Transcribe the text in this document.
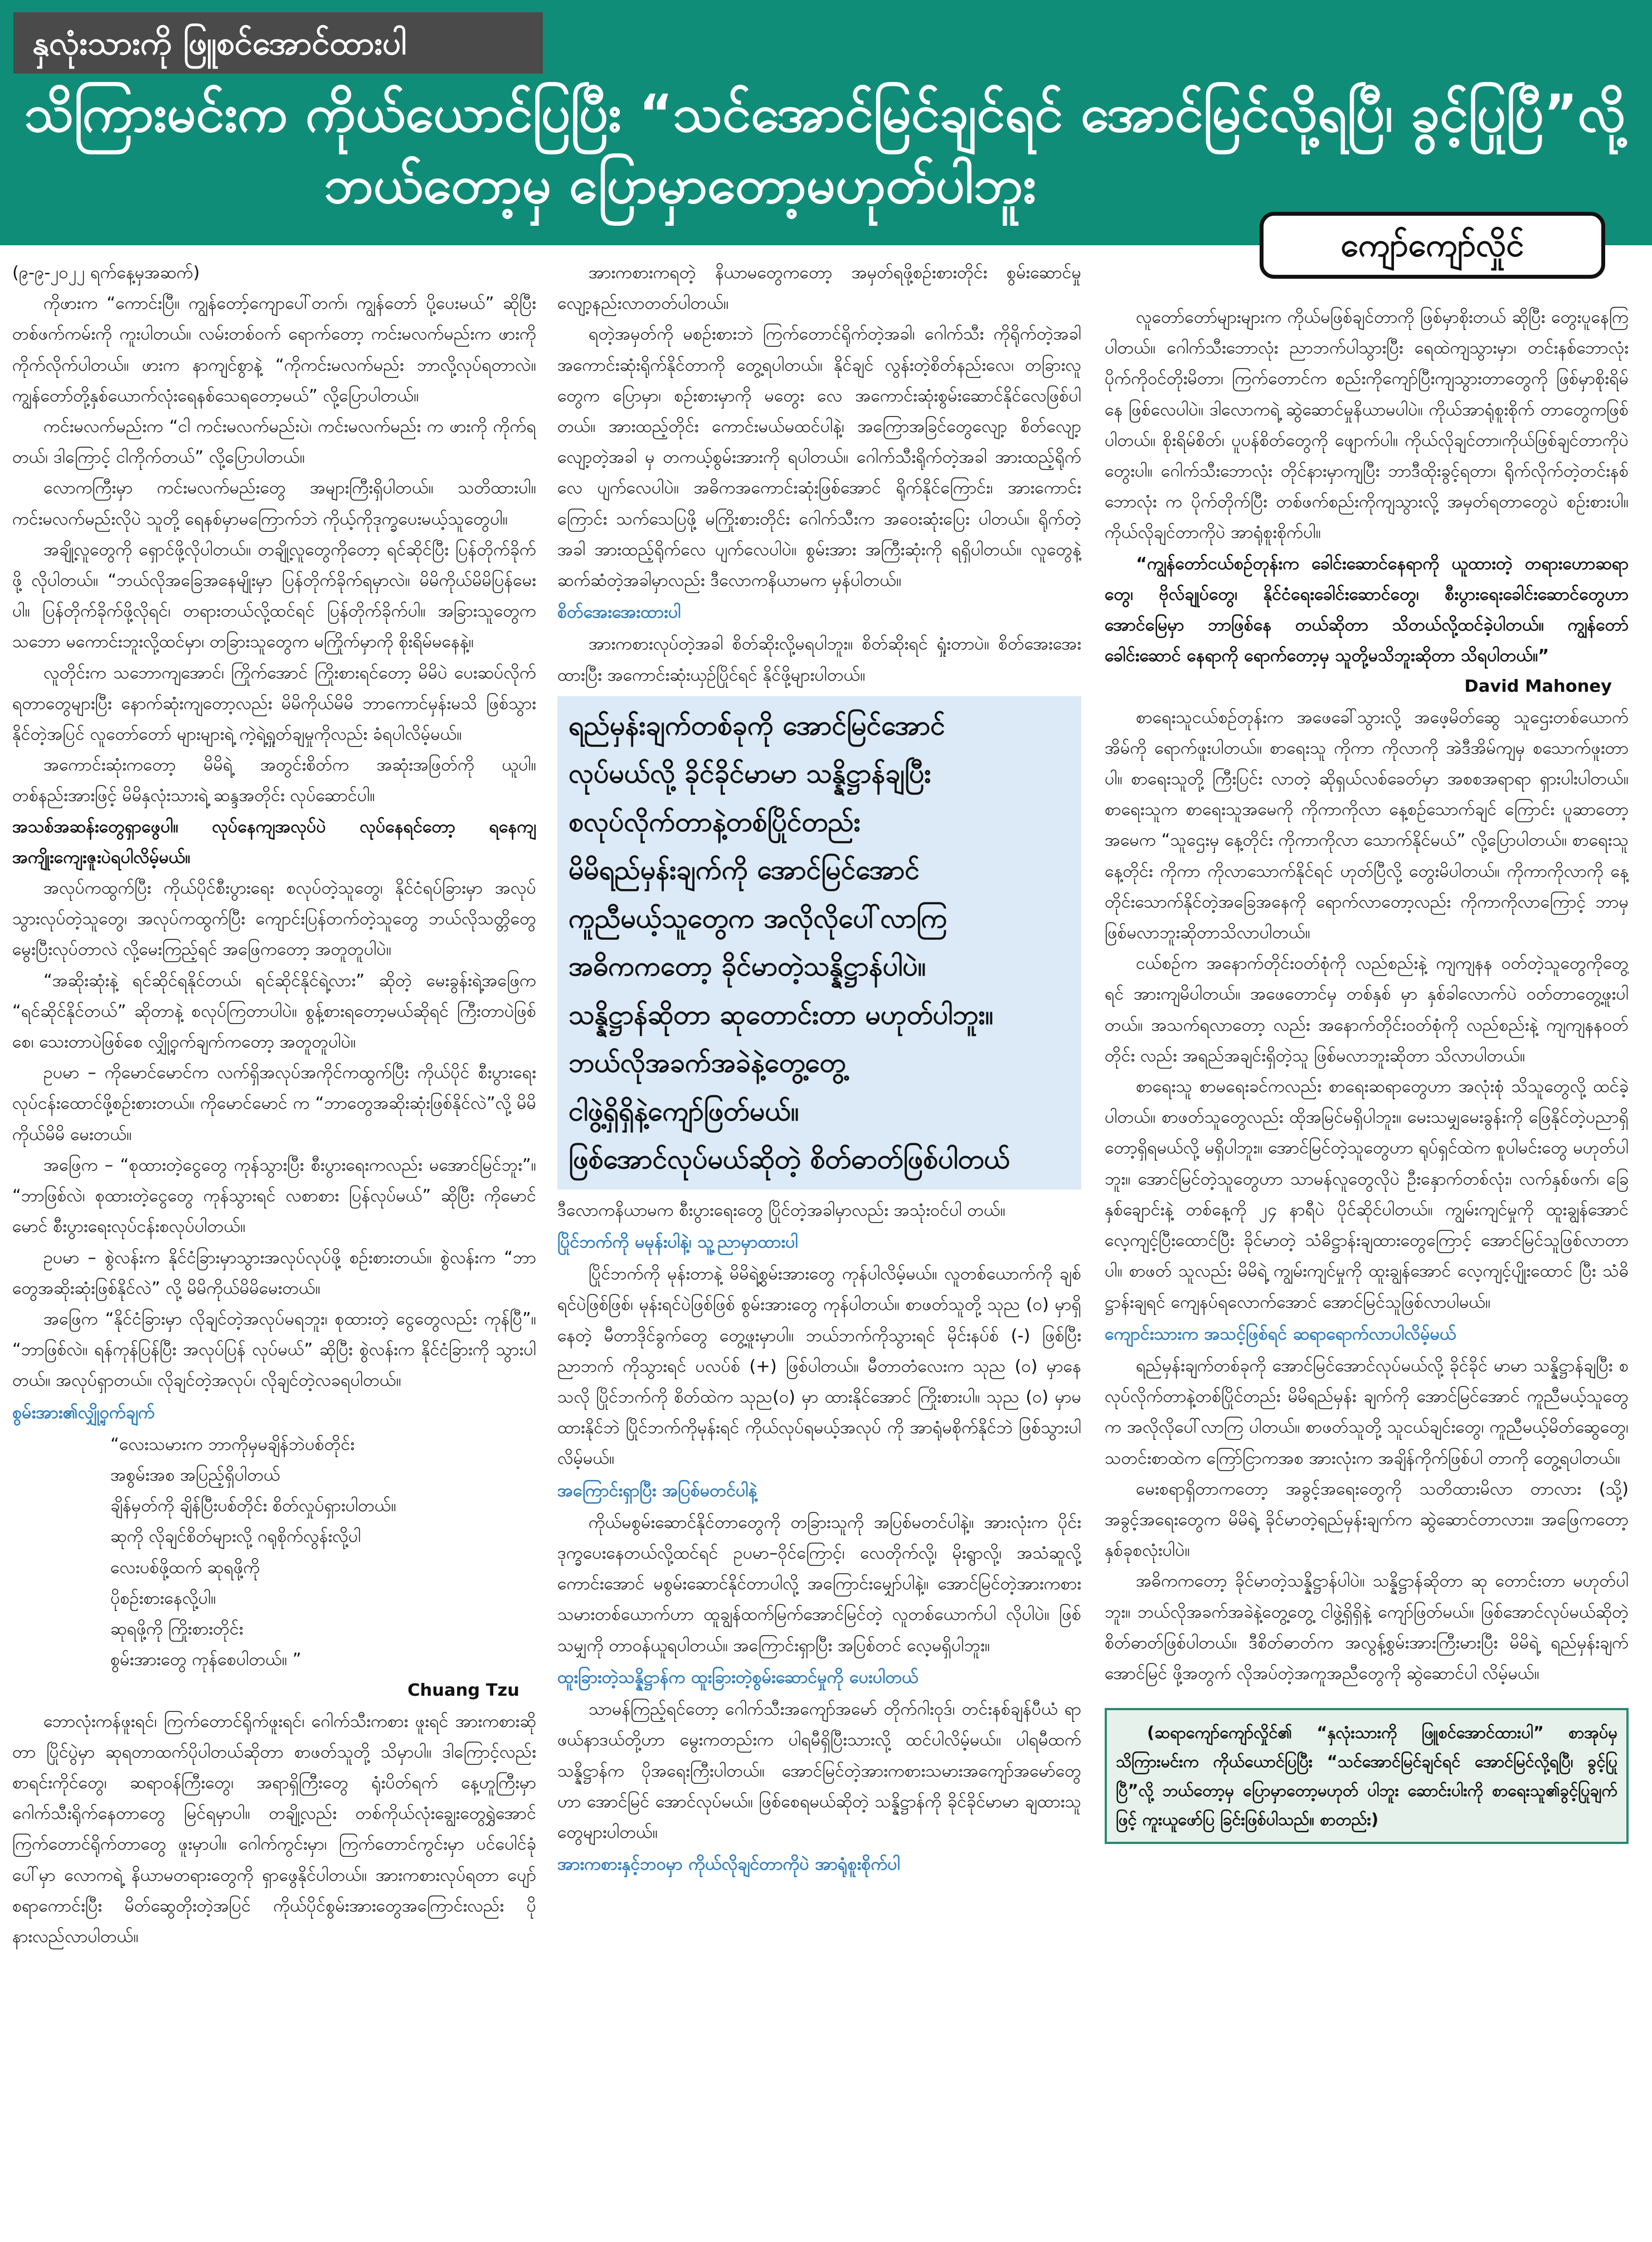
နှလုံးသားကို ဖြူစင်အောင်ထားပါ
သိကြားမင်းက ကိုယ်ယောင်ပြပြီး “သင်အောင်မြင်ချင်ရင် အောင်မြင်လို့ရပြီ၊ ခွင့်ပြုပြီ”လို့
ဘယ်တော့မှ ပြောမှာတော့မဟုတ်ပါဘူး
ကျော်ကျော်လှိုင်

(၉-၉-၂၀၂၂ ရက်နေ့မှအဆက်)

ကိုဖားက “ကောင်းပြီ။ ကျွန်တော့်ကျောပေါ်တက်၊ ကျွန်တော် ပို့ပေးမယ်” ဆိုပြီး တစ်ဖက်ကမ်းကို ကူးပါတယ်။ လမ်းတစ်ဝက် ရောက်တော့ ကင်းမလက်မည်းက ဖားကို ကိုက်လိုက်ပါတယ်။ ဖားက နာကျင်စွာနဲ့ “ကိုကင်းမလက်မည်း ဘာလို့လုပ်ရတာလဲ။ ကျွန်တော်တို့နှစ်ယောက်လုံးရေနစ်သေရတော့မယ်” လို့ပြောပါတယ်။

ကင်းမလက်မည်းက “ငါ ကင်းမလက်မည်းပဲ၊ ကင်းမလက်မည်း က ဖားကို ကိုက်ရတယ်၊ ဒါကြောင့် ငါကိုက်တယ်” လို့ပြောပါတယ်။

လောကကြီးမှာ ကင်းမလက်မည်းတွေ အများကြီးရှိပါတယ်။ သတိထားပါ။ ကင်းမလက်မည်းလိုပဲ သူတို့ ရေနစ်မှာမကြောက်ဘဲ ကိုယ့်ကိုဒုက္ခပေးမယ့်သူတွေပါ။

အချို့လူတွေကို ရှောင်ဖို့လိုပါတယ်။ တချို့လူတွေကိုတော့ ရင်ဆိုင်ပြီး ပြန်တိုက်ခိုက်ဖို့ လိုပါတယ်။ “ဘယ်လိုအခြေအနေမျိုးမှာ ပြန်တိုက်ခိုက်ရမှာလဲ။ မိမိကိုယ်မိမိပြန်မေးပါ။ ပြန်တိုက်ခိုက်ဖို့လိုရင်၊ တရားတယ်လို့ထင်ရင် ပြန်တိုက်ခိုက်ပါ။ အခြားသူတွေက သဘော မကောင်းဘူးလို့ထင်မှာ၊ တခြားသူတွေက မကြိုက်မှာကို စိုးရိမ်မနေနဲ့။

လူတိုင်းက သဘောကျအောင်၊ ကြိုက်အောင် ကြိုးစားရင်တော့ မိမိပဲ ပေးဆပ်လိုက်ရတာတွေများပြီး နောက်ဆုံးကျတော့လည်း မိမိကိုယ်မိမိ ဘာကောင်မှန်းမသိ ဖြစ်သွားနိုင်တဲ့အပြင် လူတော်တော် များများရဲ့ ကဲ့ရဲ့ရှုတ်ချမှုကိုလည်း ခံရပါလိမ့်မယ်။

အကောင်းဆုံးကတော့ မိမိရဲ့ အတွင်းစိတ်က အဆုံးအဖြတ်ကို ယူပါ။ တစ်နည်းအားဖြင့် မိမိနှလုံးသားရဲ့ ဆန္ဒအတိုင်း လုပ်ဆောင်ပါ။

အသစ်အဆန်းတွေရှာဖွေပါ။ လုပ်နေကျအလုပ်ပဲ လုပ်နေရင်တော့ ရနေကျအကျိုးကျေးဇူးပဲရပါလိမ့်မယ်။

အလုပ်ကထွက်ပြီး ကိုယ်ပိုင်စီးပွားရေး စလုပ်တဲ့သူတွေ၊ နိုင်ငံရပ်ခြားမှာ အလုပ်သွားလုပ်တဲ့သူတွေ၊ အလုပ်ကထွက်ပြီး ကျောင်းပြန်တက်တဲ့သူတွေ ဘယ်လိုသတ္တိတွေမွေးပြီးလုပ်တာလဲ လို့မေးကြည့်ရင် အဖြေကတော့ အတူတူပါပဲ။

“အဆိုးဆုံးနဲ့ ရင်ဆိုင်ရနိုင်တယ်၊ ရင်ဆိုင်နိုင်ရဲ့လား” ဆိုတဲ့ မေးခွန်းရဲ့အဖြေက “ရင်ဆိုင်နိုင်တယ်” ဆိုတာနဲ့ စလုပ်ကြတာပါပဲ။ စွန့်စားရတော့မယ်ဆိုရင် ကြီးတာပဲဖြစ်စေ၊ သေးတာပဲဖြစ်စေ လျှို့ဝှက်ချက်ကတော့ အတူတူပါပဲ။

ဥပမာ – ကိုမောင်မောင်က လက်ရှိအလုပ်အကိုင်ကထွက်ပြီး ကိုယ်ပိုင် စီးပွားရေးလုပ်ငန်းထောင်ဖို့စဉ်းစားတယ်။ ကိုမောင်မောင် က “ဘာတွေအဆိုးဆုံးဖြစ်နိုင်လဲ”လို့ မိမိကိုယ်မိမိ မေးတယ်။

အဖြေက – “စုထားတဲ့ငွေတွေ ကုန်သွားပြီး စီးပွားရေးကလည်း မအောင်မြင်ဘူး”။ “ဘာဖြစ်လဲ၊ စုထားတဲ့ငွေတွေ ကုန်သွားရင် လစာစား ပြန်လုပ်မယ်” ဆိုပြီး ကိုမောင်မောင် စီးပွားရေးလုပ်ငန်းစလုပ်ပါတယ်။

ဥပမာ – စွဲလန်းက နိုင်ငံခြားမှာသွားအလုပ်လုပ်ဖို့ စဉ်းစားတယ်။ စွဲလန်းက “ဘာတွေအဆိုးဆုံးဖြစ်နိုင်လဲ” လို့ မိမိကိုယ်မိမိမေးတယ်။

အဖြေက “နိုင်ငံခြားမှာ လိုချင်တဲ့အလုပ်မရဘူး၊ စုထားတဲ့ ငွေတွေလည်း ကုန်ပြီ”။ “ဘာဖြစ်လဲ။ ရန်ကုန်ပြန်ပြီး အလုပ်ပြန် လုပ်မယ်” ဆိုပြီး စွဲလန်းက နိုင်ငံခြားကို သွားပါတယ်။ အလုပ်ရှာတယ်။ လိုချင်တဲ့အလုပ်၊ လိုချင်တဲ့လခရပါတယ်။

စွမ်းအား၏လျှို့ဝှက်ချက်

“လေးသမားက ဘာကိုမှမချိန်ဘဲပစ်တိုင်း

အစွမ်းအစ အပြည့်ရှိပါတယ်

ချိန်မှတ်ကို ချိန်ပြီးပစ်တိုင်း စိတ်လှုပ်ရှားပါတယ်။

ဆုကို လိုချင်စိတ်များလို့ ဂရုစိုက်လွန်းလို့ပါ

လေးပစ်ဖို့ထက် ဆုရဖို့ကို

ပိုစဉ်းစားနေလို့ပါ။

ဆုရဖို့ကို ကြိုးစားတိုင်း

စွမ်းအားတွေ ကုန်စေပါတယ်။ ”

Chuang Tzu

ဘောလုံးကန်ဖူးရင်၊ ကြက်တောင်ရိုက်ဖူးရင်၊ ဂေါက်သီးကစား ဖူးရင် အားကစားဆိုတာ ပြိုင်ပွဲမှာ ဆုရတာထက်ပိုပါတယ်ဆိုတာ စာဖတ်သူတို့ သိမှာပါ။ ဒါကြောင့်လည်း စာရင်းကိုင်တွေ၊ ဆရာဝန်ကြီးတွေ၊ အရာရှိကြီးတွေ ရုံးပိတ်ရက် နေ့ဟူကြီးမှာ ဂေါက်သီးရိုက်နေတာတွေ မြင်ရမှာပါ။ တချို့လည်း တစ်ကိုယ်လုံးချွေးတွေရွှဲအောင် ကြက်တောင်ရိုက်တာတွေ ဖူးမှာပါ။ ဂေါက်ကွင်းမှာ၊ ကြက်တောင်ကွင်းမှာ ပင်ပေါင်ခုံပေါ်မှာ လောကရဲ့ နိယာမတရားတွေကို ရှာဖွေနိုင်ပါတယ်။ အားကစားလုပ်ရတာ ပျော်စရာကောင်းပြီး မိတ်ဆွေတိုးတဲ့အပြင် ကိုယ်ပိုင်စွမ်းအားတွေအကြောင်းလည်း ပိုနားလည်လာပါတယ်။

အားကစားကရတဲ့ နိယာမတွေကတော့ အမှတ်ရဖို့စဉ်းစားတိုင်း စွမ်းဆောင်မှု လျော့နည်းလာတတ်ပါတယ်။

ရတဲ့အမှတ်ကို မစဉ်းစားဘဲ ကြက်တောင်ရိုက်တဲ့အခါ၊ ဂေါက်သီး ကိုရိုက်တဲ့အခါ အကောင်းဆုံးရိုက်နိုင်တာကို တွေ့ရပါတယ်။ နိုင်ချင် လွန်းတဲ့စိတ်နည်းလေ၊ တခြားလူတွေက ပြောမှာ၊ စဉ်းစားမှာကို မတွေး လေ အကောင်းဆုံးစွမ်းဆောင်နိုင်လေဖြစ်ပါတယ်။ အားထည့်တိုင်း ကောင်းမယ်မထင်ပါနဲ့၊ အကြောအခြင်တွေလျော့ စိတ်လျော့လျော့တဲ့အခါ မှ တကယ့်စွမ်းအားကို ရပါတယ်။ ဂေါက်သီးရိုက်တဲ့အခါ အားထည့်ရိုက် လေ ပျက်လေပါပဲ။ အဓိကအကောင်းဆုံးဖြစ်အောင် ရိုက်နိုင်ကြောင်း၊ အားကောင်းကြောင်း သက်သေပြဖို့ မကြိုးစားတိုင်း ဂေါက်သီးက အဝေးဆုံးပြေး ပါတယ်။ ရိုက်တဲ့အခါ အားထည့်ရိုက်လေ ပျက်လေပါပဲ။ စွမ်းအား အကြီးဆုံးကို ရရှိပါတယ်။ လူတွေနဲ့ဆက်ဆံတဲ့အခါမှာလည်း ဒီလောကနိယာမက မှန်ပါတယ်။

စိတ်အေးအေးထားပါ

အားကစားလုပ်တဲ့အခါ စိတ်ဆိုးလို့မရပါဘူး။ စိတ်ဆိုးရင် ရှုံးတာပဲ။ စိတ်အေးအေးထားပြီး အကောင်းဆုံးယှဉ်ပြိုင်ရင် နိုင်ဖို့များပါတယ်။

ရည်မှန်းချက်တစ်ခုကို အောင်မြင်အောင်

လုပ်မယ်လို့ ခိုင်ခိုင်မာမာ သန္နိဋ္ဌာန်ချပြီး

စလုပ်လိုက်တာနဲ့တစ်ပြိုင်တည်း

မိမိရည်မှန်းချက်ကို အောင်မြင်အောင်

ကူညီမယ့်သူတွေက အလိုလိုပေါ်လာကြ

အဓိကကတော့ ခိုင်မာတဲ့သန္နိဋ္ဌာန်ပါပဲ။

သန္နိဋ္ဌာန်ဆိုတာ ဆုတောင်းတာ မဟုတ်ပါဘူး။

ဘယ်လိုအခက်အခဲနဲ့တွေ့တွေ့

ငါဖွဲ့ရှိရှိနဲ့ကျော်ဖြတ်မယ်။

ဖြစ်အောင်လုပ်မယ်ဆိုတဲ့ စိတ်ဓာတ်ဖြစ်ပါတယ်

ဒီလောကနိယာမက စီးပွားရေးတွေ ပြိုင်တဲ့အခါမှာလည်း အသုံးဝင်ပါ တယ်။

ပြိုင်ဘက်ကို မမုန်းပါနဲ့၊ သူ့ညာမှာထားပါ

ပြိုင်ဘက်ကို မုန်းတာနဲ့ မိမိရဲ့စွမ်းအားတွေ ကုန်ပါလိမ့်မယ်။ လူတစ်ယောက်ကို ချစ်ရင်ပဲဖြစ်ဖြစ်၊ မုန်းရင်ပဲဖြစ်ဖြစ် စွမ်းအားတွေ ကုန်ပါတယ်။ စာဖတ်သူတို့ သုည (၀) မှာရှိနေတဲ့ မီတာဒိုင်ခွက်တွေ တွေ့ဖူးမှာပါ။ ဘယ်ဘက်ကိုသွားရင် မိုင်းနပ်စ် (-) ဖြစ်ပြီး ညာဘက် ကိုသွားရင် ပလပ်စ် (+) ဖြစ်ပါတယ်။ မီတာတံလေးက သုည (၀) မှာနေ သလို ပြိုင်ဘက်ကို စိတ်ထဲက သုည(၀) မှာ ထားနိုင်အောင် ကြိုးစားပါ။ သုည (၀) မှာမထားနိုင်ဘဲ ပြိုင်ဘက်ကိုမုန်းရင် ကိုယ်လုပ်ရမယ့်အလုပ် ကို အာရုံမစိုက်နိုင်ဘဲ ဖြစ်သွားပါလိမ့်မယ်။

အကြောင်းရှာပြီး အပြစ်မတင်ပါနဲ့

ကိုယ်မစွမ်းဆောင်နိုင်တာတွေကို တခြားသူကို အပြစ်မတင်ပါနဲ့။ အားလုံးက ပိုင်းဒုက္ခပေးနေတယ်လို့ထင်ရင် ဥပမာ–ဝိုင်ကြောင့်၊ လေတိုက်လို့၊ မိုးရွာလို့၊ အသံဆူလို့ ကောင်းအောင် မစွမ်းဆောင်နိုင်တာပါလို့ အကြောင်းမျှော်ပါနဲ့။ အောင်မြင်တဲ့အားကစား သမားတစ်ယောက်ဟာ ထူချွန်ထက်မြက်အောင်မြင်တဲ့ လူတစ်ယောက်ပါ လိုပါပဲ။ ဖြစ်သမျှကို တာဝန်ယူရပါတယ်။ အကြောင်းရှာပြီး အပြစ်တင် လေ့မရှိပါဘူး။

ထူးခြားတဲ့သန္နိဋ္ဌာန်က ထူးခြားတဲ့စွမ်းဆောင်မှုကို ပေးပါတယ်

သာမန်ကြည့်ရင်တော့ ဂေါက်သီးအကျော်အမော် တိုက်ဂါးဝုဒ်၊ တင်းနစ်ချန်ပီယံ ရာဖယ်နာဒယ်တို့ဟာ မွေးကတည်းက ပါရမီရှိပြီးသားလို့ ထင်ပါလိမ့်မယ်။ ပါရမီထက် သန္နိဋ္ဌာန်က ပိုအရေးကြီးပါတယ်။ အောင်မြင်တဲ့အားကစားသမားအကျော်အမော်တွေဟာ အောင်မြင် အောင်လုပ်မယ်။ ဖြစ်စေရမယ်ဆိုတဲ့ သန္နိဋ္ဌာန်ကို ခိုင်ခိုင်မာမာ ချထားသူတွေများပါတယ်။

အားကစားနှင့်ဘဝမှာ ကိုယ်လိုချင်တာကိုပဲ အာရုံစူးစိုက်ပါ

လူတော်တော်များများက ကိုယ်မဖြစ်ချင်တာကို ဖြစ်မှာစိုးတယ် ဆိုပြီး တွေးပူနေကြပါတယ်။ ဂေါက်သီးဘောလုံး ညာဘက်ပါသွားပြီး ရေထဲကျသွားမှာ၊ တင်းနစ်ဘောလုံး ပိုက်ကိုဝင်တိုးမိတာ၊ ကြက်တောင်က စည်းကိုကျော်ပြီးကျသွားတာတွေကို ဖြစ်မှာစိုးရိမ်နေ ဖြစ်လေပါပဲ။ ဒါလောကရဲ့ ဆွဲဆောင်မှုနိယာမပါပဲ။ ကိုယ်အာရုံစူးစိုက် တာတွေကဖြစ်ပါတယ်။ စိုးရိမ်စိတ်၊ ပူပန်စိတ်တွေကို ဖျောက်ပါ။ ကိုယ်လိုချင်တာ၊ကိုယ်ဖြစ်ချင်တာကိုပဲတွေးပါ။ ဂေါက်သီးဘောလုံး တိုင်နားမှာကျပြီး ဘာဒီထိုးခွင့်ရတာ၊ ရိုက်လိုက်တဲ့တင်းနစ်ဘောလုံး က ပိုက်တိုက်ပြီး တစ်ဖက်စည်းကိုကျသွားလို့ အမှတ်ရတာတွေပဲ စဉ်းစားပါ။ ကိုယ်လိုချင်တာကိုပဲ အာရုံစူးစိုက်ပါ။

“ကျွန်တော်ငယ်စဉ်တုန်းက ခေါင်းဆောင်နေရာကို ယူထားတဲ့ တရားဟောဆရာတွေ၊ ဗိုလ်ချုပ်တွေ၊ နိုင်ငံရေးခေါင်းဆောင်တွေ၊ စီးပွားရေးခေါင်းဆောင်တွေဟာ အောင်မြေမှာ ဘာဖြစ်နေ တယ်ဆိုတာ သိတယ်လို့ထင်ခဲ့ပါတယ်။ ကျွန်တော်ခေါင်းဆောင် နေရာကို ရောက်တော့မှ သူတို့မသိဘူးဆိုတာ သိရပါတယ်။”

David Mahoney

စာရေးသူငယ်စဉ်တုန်းက အဖေခေါ်သွားလို့ အဖေ့မိတ်ဆွေ သူဌေးတစ်ယောက်အိမ်ကို ရောက်ဖူးပါတယ်။ စာရေးသူ ကိုကာ ကိုလာကို အဲဒီအိမ်ကျမှ စသောက်ဖူးတာပါ။ စာရေးသူတို့ ကြီးပြင်း လာတဲ့ ဆိုရှယ်လစ်ခေတ်မှာ အစစအရာရာ ရှားပါးပါတယ်။ စာရေးသူက စာရေးသူအမေကို ကိုကာကိုလာ နေ့စဉ်သောက်ချင် ကြောင်း ပူဆာတော့ အမေက “သူဌေးမှ နေ့တိုင်း ကိုကာကိုလာ သောက်နိုင်မယ်” လို့ပြောပါတယ်။ စာရေးသူ နေ့တိုင်း ကိုကာ ကိုလာသောက်နိုင်ရင် ဟုတ်ပြီလို့ တွေးမိပါတယ်။ ကိုကာကိုလာကို နေ့တိုင်းသောက်နိုင်တဲ့အခြေအနေကို ရောက်လာတော့လည်း ကိုကာကိုလာကြောင့် ဘာမှဖြစ်မလာဘူးဆိုတာသိလာပါတယ်။

ငယ်စဉ်က အနောက်တိုင်းဝတ်စုံကို လည်စည်းနဲ့ ကျကျနန ဝတ်တဲ့သူတွေကိုတွေ့ရင် အားကျမိပါတယ်။ အဖေတောင်မှ တစ်နှစ် မှာ နှစ်ခါလောက်ပဲ ဝတ်တာတွေ့ဖူးပါတယ်။ အသက်ရလာတော့ လည်း အနောက်တိုင်းဝတ်စုံကို လည်စည်းနဲ့ ကျကျနနဝတ်တိုင်း လည်း အရည်အချင်းရှိတဲ့သူ ဖြစ်မလာဘူးဆိုတာ သိလာပါတယ်။

စာရေးသူ စာမရေးခင်ကလည်း စာရေးဆရာတွေဟာ အလုံးစုံ သိသူတွေလို့ ထင်ခဲ့ပါတယ်။ စာဖတ်သူတွေလည်း ထိုအမြင်မရှိပါဘူး။ မေးသမျှမေးခွန်းကို ဖြေနိုင်တဲ့ပညာရှိတော့ရှိရမယ်လို့ မရှိပါဘူး။ အောင်မြင်တဲ့သူတွေဟာ ရုပ်ရှင်ထဲက စူပါမင်းတွေ မဟုတ်ပါဘူး။ အောင်မြင်တဲ့သူတွေဟာ သာမန်လူတွေလိုပဲ ဦးနှောက်တစ်လုံး၊ လက်နှစ်ဖက်၊ ခြေနှစ်ချောင်းနဲ့ တစ်နေ့ကို ၂၄ နာရီပဲ ပိုင်ဆိုင်ပါတယ်။ ကျွမ်းကျင်မှုကို ထူးချွန်အောင် လေ့ကျင့်ပြီးထောင်ပြီး ခိုင်မာတဲ့ သံဓိဋ္ဌာန်းချထားတွေကြောင့် အောင်မြင်သူဖြစ်လာတာပါ။ စာဖတ် သူလည်း မိမိရဲ့ ကျွမ်းကျင်မှုကို ထူးချွန်အောင် လေ့ကျင့်ပျိုးထောင် ပြီး သံဓိဋ္ဌာန်းချရင် ကျေနပ်ရလောက်အောင် အောင်မြင်သူဖြစ်လာပါမယ်။

ကျောင်းသားက အသင့်ဖြစ်ရင် ဆရာရောက်လာပါလိမ့်မယ်

ရည်မှန်းချက်တစ်ခုကို အောင်မြင်အောင်လုပ်မယ်လို့ ခိုင်ခိုင် မာမာ သန္နိဋ္ဌာန်ချပြီး စလုပ်လိုက်တာနဲ့တစ်ပြိုင်တည်း မိမိရည်မှန်း ချက်ကို အောင်မြင်အောင် ကူညီမယ့်သူတွေက အလိုလိုပေါ်လာကြ ပါတယ်။ စာဖတ်သူတို့ သူငယ်ချင်းတွေ၊ ကူညီမယ့်မိတ်ဆွေတွေ၊ သတင်းစာထဲက ကြော်ငြာကအစ အားလုံးက အချိန်ကိုက်ဖြစ်ပါ တာကို တွေ့ရပါတယ်။

မေးစရာရှိတာကတော့ အခွင့်အရေးတွေကို သတိထားမိလာ တာလား (သို့) အခွင့်အရေးတွေက မိမိရဲ့ ခိုင်မာတဲ့ရည်မှန်းချက်က ဆွဲဆောင်တာလား။ အဖြေကတော့ နှစ်ခုစလုံးပါပဲ။

အဓိကကတော့ ခိုင်မာတဲ့သန္နိဋ္ဌာန်ပါပဲ။ သန္နိဋ္ဌာန်ဆိုတာ ဆု တောင်းတာ မဟုတ်ပါဘူး။ ဘယ်လိုအခက်အခဲနဲ့တွေ့တွေ့ ငါဖွဲ့ရှိရှိနဲ့ ကျော်ဖြတ်မယ်။ ဖြစ်အောင်လုပ်မယ်ဆိုတဲ့ စိတ်ဓာတ်ဖြစ်ပါတယ်။ ဒီစိတ်ဓာတ်က အလွန့်စွမ်းအားကြီးမားပြီး မိမိရဲ့ ရည်မှန်းချက်အောင်မြင် ဖို့အတွက် လိုအပ်တဲ့အကူအညီတွေကို ဆွဲဆောင်ပါ လိမ့်မယ်။

(ဆရာကျော်ကျော်လှိုင်၏ “နှလုံးသားကို ဖြူစင်အောင်ထားပါ” စာအုပ်မှ သိကြားမင်းက ကိုယ်ယောင်ပြပြီး “သင်အောင်မြင်ချင်ရင် အောင်မြင်လို့ရပြီ၊ ခွင့်ပြုပြီ”လို့ ဘယ်တော့မှ ပြောမှာတော့မဟုတ် ပါဘူး ဆောင်းပါးကို စာရေးသူ၏ခွင့်ပြုချက်ဖြင့် ကူးယူဖော်ပြ ခြင်းဖြစ်ပါသည်။ စာတည်း)
